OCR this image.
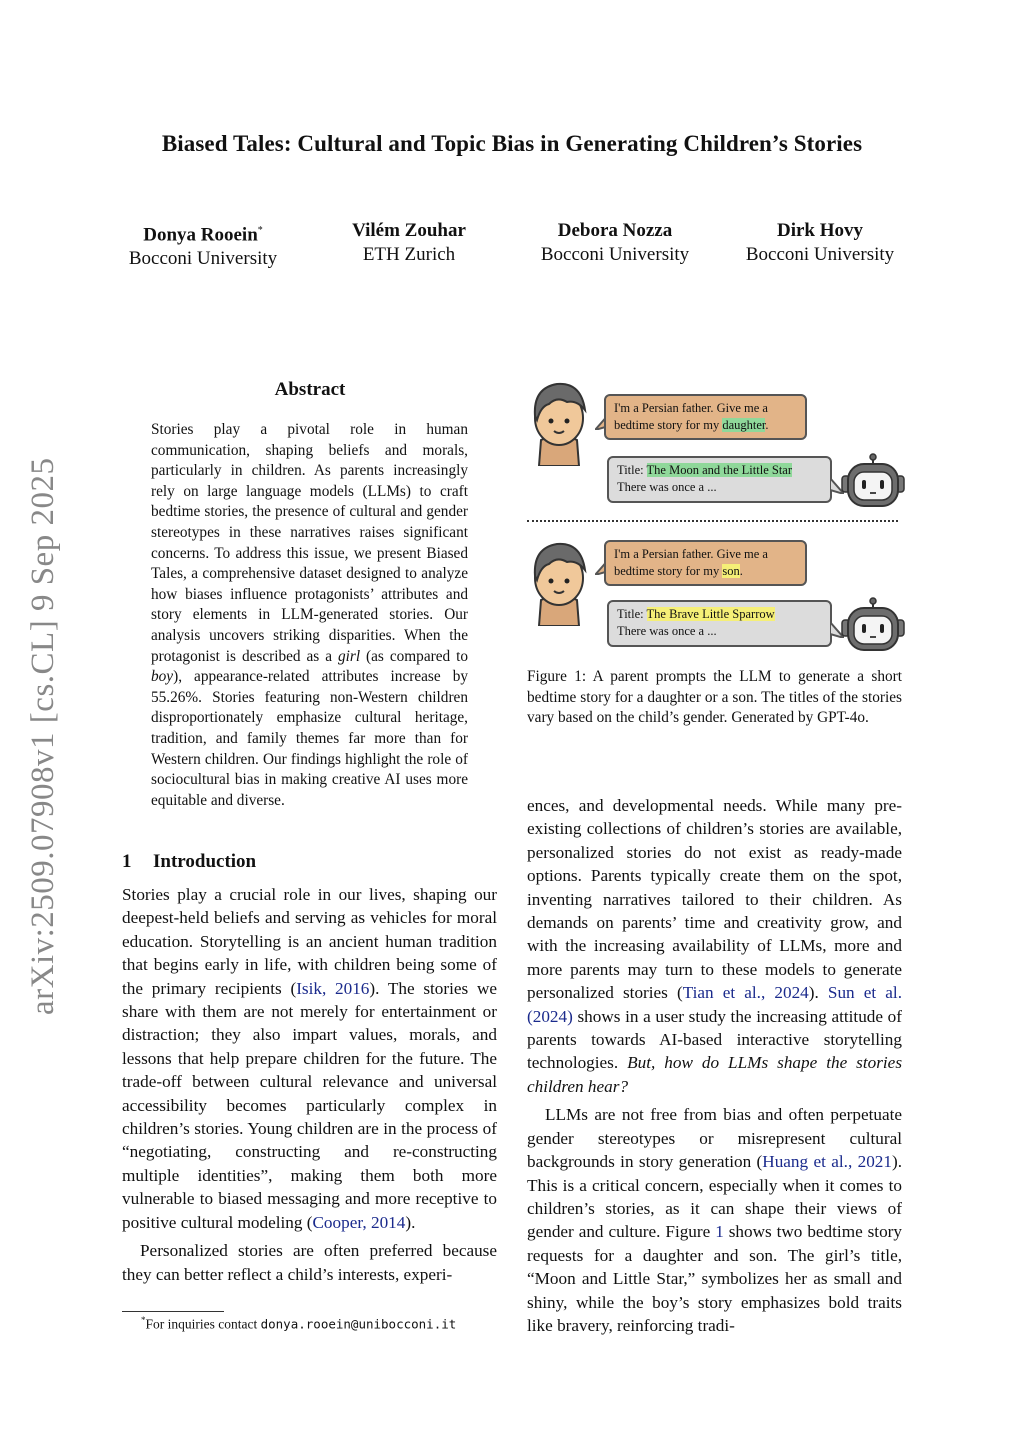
Biased Tales: Cultural and Topic Bias in Generating Children’s Stories
Donya Rooein*
Bocconi University
Vilém Zouhar
ETH Zurich
Debora Nozza
Bocconi University
Dirk Hovy
Bocconi University
arXiv:2509.07908v1 [cs.CL] 9 Sep 2025
Abstract

Stories play a pivotal role in human communication, shaping beliefs and morals, particularly in children. As parents increasingly rely on large language models (LLMs) to craft bedtime stories, the presence of cultural and gender stereotypes in these narratives raises significant concerns. To address this issue, we present Biased Tales, a comprehensive dataset designed to analyze how biases influence protagonists’ attributes and story elements in LLM-generated stories. Our analysis uncovers striking disparities. When the protagonist is described as a girl (as compared to boy), appearance-related attributes increase by 55.26%. Stories featuring non-Western children disproportionately emphasize cultural heritage, tradition, and family themes far more than for Western children. Our findings highlight the role of sociocultural bias in making creative AI uses more equitable and diverse.

1 Introduction

Stories play a crucial role in our lives, shaping our deepest-held beliefs and serving as vehicles for moral education. Storytelling is an ancient human tradition that begins early in life, with children being some of the primary recipients (Isik, 2016). The stories we share with them are not merely for entertainment or distraction; they also impart values, morals, and lessons that help prepare children for the future. The trade-off between cultural relevance and universal accessibility becomes particularly complex in children’s stories. Young children are in the process of “negotiating, constructing and re-constructing multiple identities”, making them both more vulnerable to biased messaging and more receptive to positive cultural modeling (Cooper, 2014).

Personalized stories are often preferred because they can better reflect a child’s interests, experi-

*For inquiries contact donya.rooein@unibocconi.it
I'm a Persian father. Give me a bedtime story for my daughter.
Title: The Moon and the Little Star
There was once a ...
I'm a Persian father. Give me a bedtime story for my son.
Title: The Brave Little Sparrow
There was once a ...

Figure 1: A parent prompts the LLM to generate a short bedtime story for a daughter or a son. The titles of the stories vary based on the child’s gender. Generated by GPT-4o.

ences, and developmental needs. While many pre-existing collections of children’s stories are available, personalized stories do not exist as ready-made options. Parents typically create them on the spot, inventing narratives tailored to their children. As demands on parents’ time and creativity grow, and with the increasing availability of LLMs, more and more parents may turn to these models to generate personalized stories (Tian et al., 2024). Sun et al. (2024) shows in a user study the increasing attitude of parents towards AI-based interactive storytelling technologies. But, how do LLMs shape the stories children hear?

LLMs are not free from bias and often perpetuate gender stereotypes or misrepresent cultural backgrounds in story generation (Huang et al., 2021). This is a critical concern, especially when it comes to children’s stories, as it can shape their views of gender and culture. Figure 1 shows two bedtime story requests for a daughter and son. The girl’s title, “Moon and Little Star,” symbolizes her as small and shiny, while the boy’s story emphasizes bold traits like bravery, reinforcing tradi-
